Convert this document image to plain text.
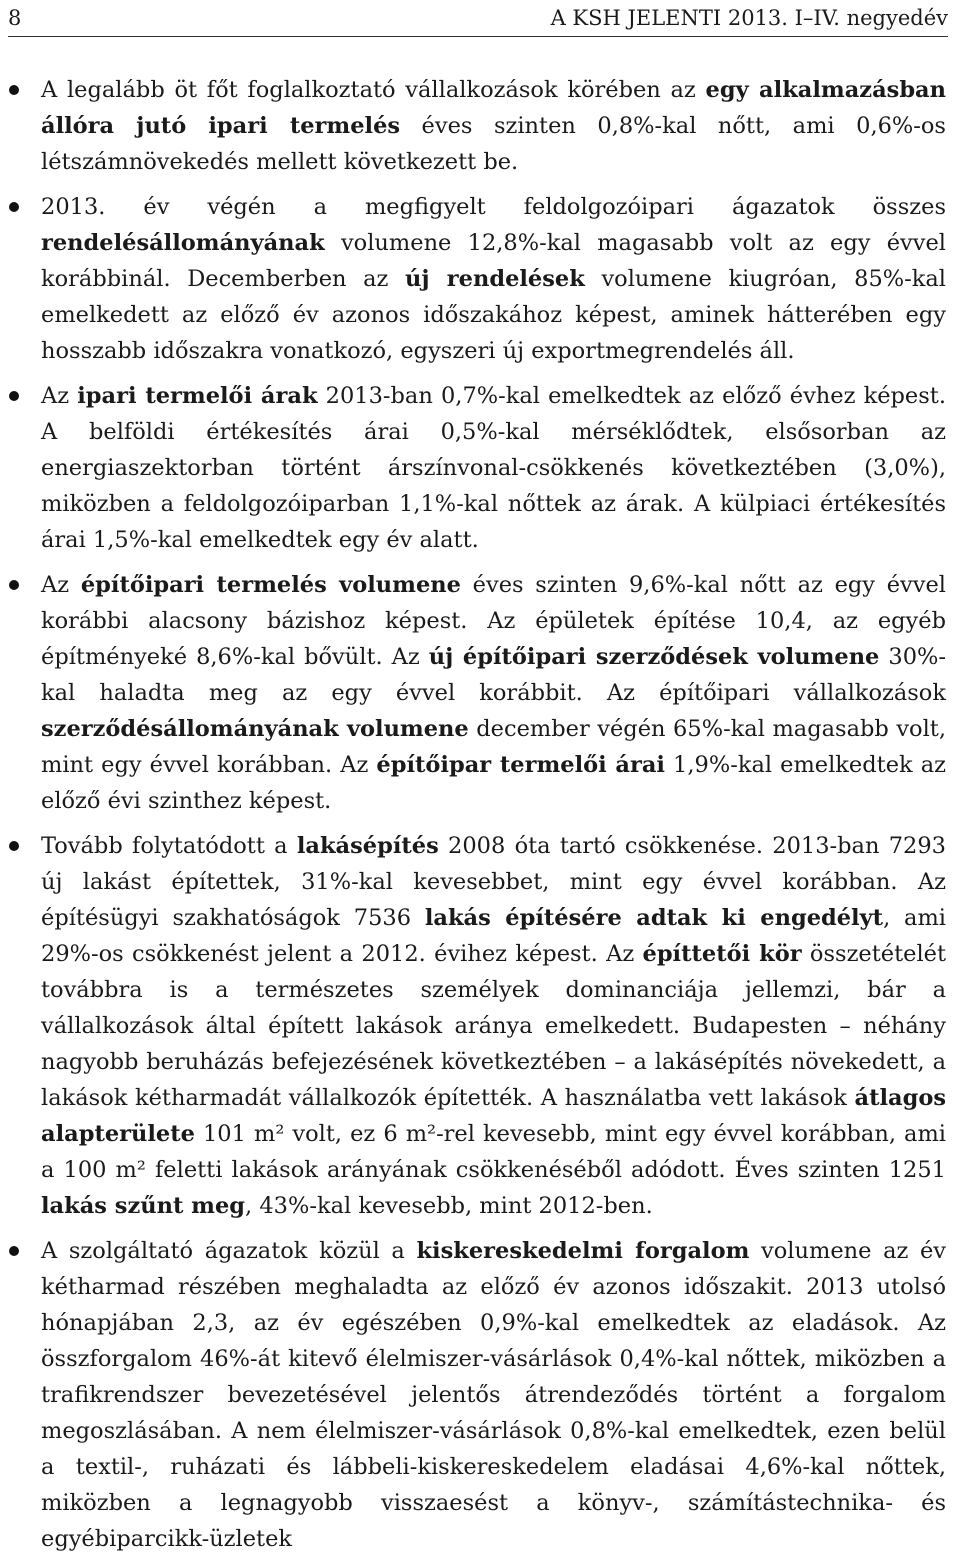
8	A KSH JELENTI 2013. I–IV. negyedév
A legalább öt főt foglalkoztató vállalkozások körében az egy alkalmazásban állóra jutó ipari termelés éves szinten 0,8%-kal nőtt, ami 0,6%-os létszámnövekedés mellett következett be.
2013. év végén a megfigyelt feldolgozóipari ágazatok összes rendelésállományának volumene 12,8%-kal magasabb volt az egy évvel korábbinál. Decemberben az új rendelések volumene kiugróan, 85%-kal emelkedett az előző év azonos időszakához képest, aminek hátterében egy hosszabb időszakra vonatkozó, egyszeri új exportmegrendelés áll.
Az ipari termelői árak 2013-ban 0,7%-kal emelkedtek az előző évhez képest. A belföldi értékesítés árai 0,5%-kal mérséklődtek, elsősorban az energiaszektorban történt árszínvonal-csökkenés következtében (3,0%), miközben a feldolgozóiparban 1,1%-kal nőttek az árak. A külpiaci értékesítés árai 1,5%-kal emelkedtek egy év alatt.
Az építőipari termelés volumene éves szinten 9,6%-kal nőtt az egy évvel korábbi alacsony bázishoz képest. Az épületek építése 10,4, az egyéb építményeké 8,6%-kal bővült. Az új építőipari szerződések volumene 30%-kal haladta meg az egy évvel korábbit. Az építőipari vállalkozások szerződésállományának volumene december végén 65%-kal magasabb volt, mint egy évvel korábban. Az építőipar termelői árai 1,9%-kal emelkedtek az előző évi szinthez képest.
Tovább folytatódott a lakásépítés 2008 óta tartó csökkenése. 2013-ban 7293 új lakást építettek, 31%-kal kevesebbet, mint egy évvel korábban. Az építésügyi szakhatóságok 7536 lakás építésére adtak ki engedélyt, ami 29%-os csökkenést jelent a 2012. évihez képest. Az építtetői kör összetételét továbbra is a természetes személyek dominanciája jellemzi, bár a vállalkozások által épített lakások aránya emelkedett. Budapesten – néhány nagyobb beruházás befejezésének következtében – a lakásépítés növekedett, a lakások kétharmadát vállalkozók építették. A használatba vett lakások átlagos alapterülete 101 m² volt, ez 6 m²-rel kevesebb, mint egy évvel korábban, ami a 100 m² feletti lakások arányának csökkenéséből adódott. Éves szinten 1251 lakás szűnt meg, 43%-kal kevesebb, mint 2012-ben.
A szolgáltató ágazatok közül a kiskereskedelmi forgalom volumene az év kétharmad részében meghaladta az előző év azonos időszakit. 2013 utolsó hónapjában 2,3, az év egészében 0,9%-kal emelkedtek az eladások. Az összforgalom 46%-át kitevő élelmiszer-vásárlások 0,4%-kal nőttek, miközben a trafikrendszer bevezetésével jelentős átrendeződés történt a forgalom megoszlásában. A nem élelmiszer-vásárlások 0,8%-kal emelkedtek, ezen belül a textil-, ruházati és lábbeli-kiskereskedelem eladásai 4,6%-kal nőttek, miközben a legnagyobb visszaesést a könyv-, számítástechnika- és egyébiparcikk-üzletek
